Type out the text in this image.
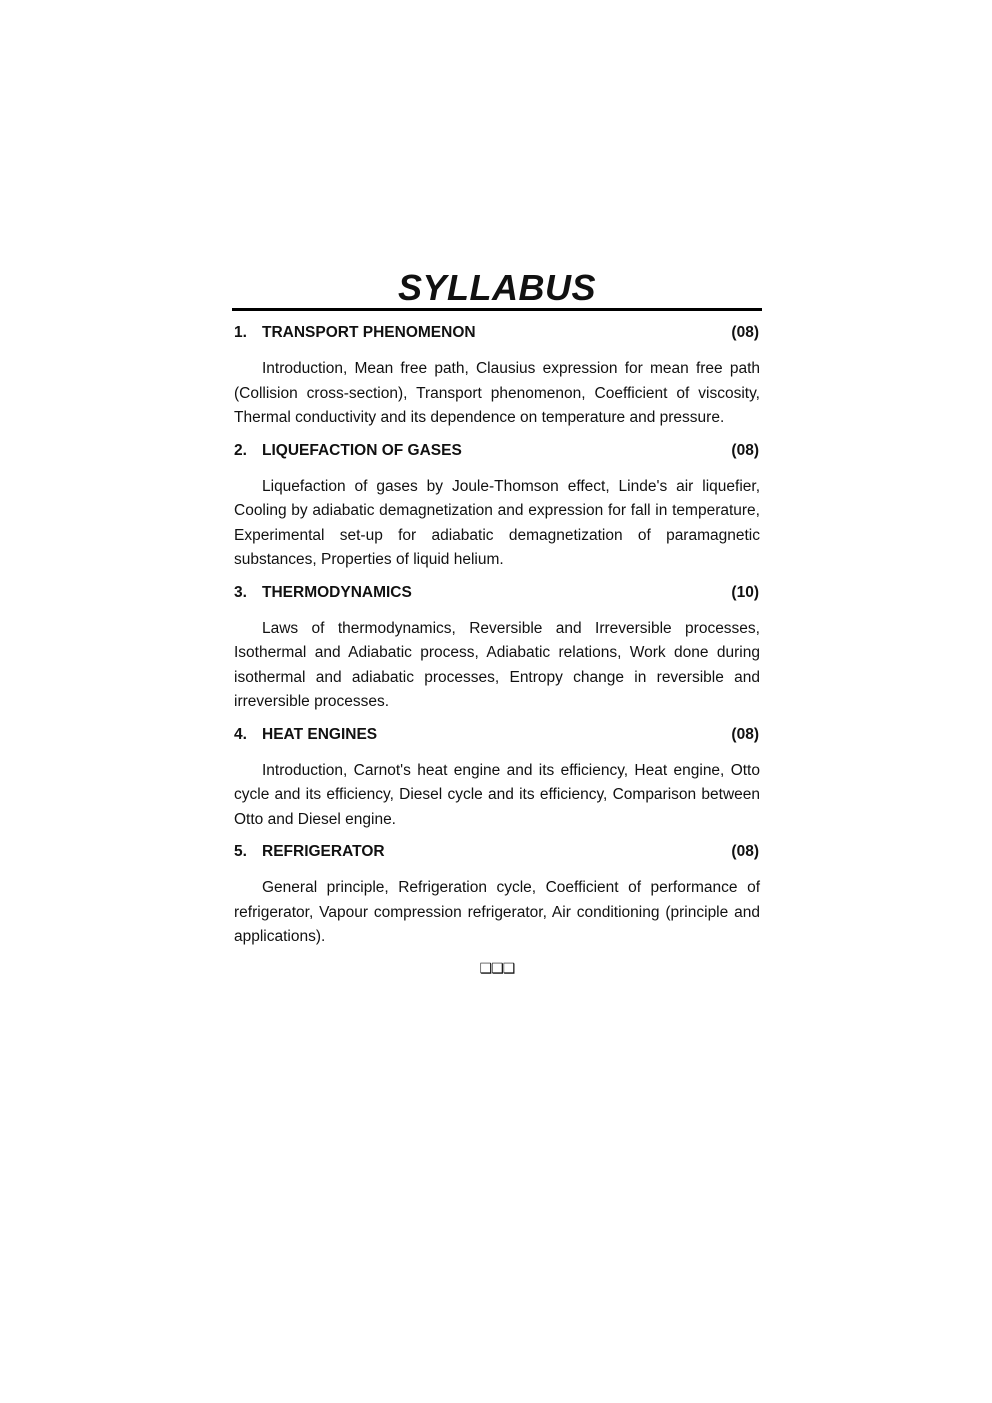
SYLLABUS
1. TRANSPORT PHENOMENON	(08)

Introduction, Mean free path, Clausius expression for mean free path (Collision cross-section), Transport phenomenon, Coefficient of viscosity, Thermal conductivity and its dependence on temperature and pressure.

2. LIQUEFACTION OF GASES	(08)

Liquefaction of gases by Joule-Thomson effect, Linde's air liquefier, Cooling by adiabatic demagnetization and expression for fall in temperature, Experimental set-up for adiabatic demagnetization of paramagnetic substances, Properties of liquid helium.

3. THERMODYNAMICS	(10)

Laws of thermodynamics, Reversible and Irreversible processes, Isothermal and Adiabatic process, Adiabatic relations, Work done during isothermal and adiabatic processes, Entropy change in reversible and irreversible processes.

4. HEAT ENGINES	(08)

Introduction, Carnot's heat engine and its efficiency, Heat engine, Otto cycle and its efficiency, Diesel cycle and its efficiency, Comparison between Otto and Diesel engine.

5. REFRIGERATOR	(08)

General principle, Refrigeration cycle, Coefficient of performance of refrigerator, Vapour compression refrigerator, Air conditioning (principle and applications).

❑❑❑
